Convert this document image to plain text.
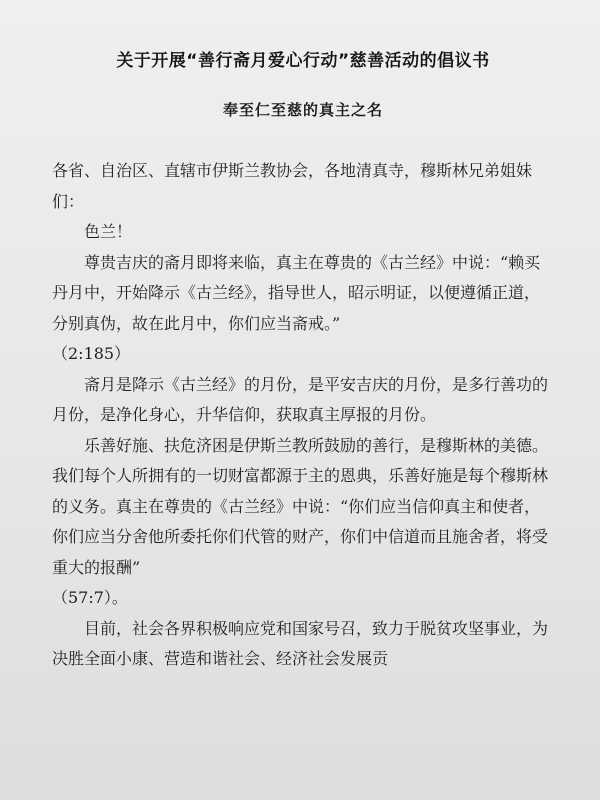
关于开展“善行斋月爱心行动”慈善活动的倡议书
奉至仁至慈的真主之名

各省、自治区、直辖市伊斯兰教协会，各地清真寺，穆斯林兄弟姐妹们：

色兰！

尊贵吉庆的斋月即将来临，真主在尊贵的《古兰经》中说：“赖买丹月中，开始降示《古兰经》，指导世人，昭示明证，以便遵循正道，分别真伪，故在此月中，你们应当斋戒。”

（2:185）

斋月是降示《古兰经》的月份，是平安吉庆的月份，是多行善功的月份，是净化身心，升华信仰，获取真主厚报的月份。

乐善好施、扶危济困是伊斯兰教所鼓励的善行，是穆斯林的美德。我们每个人所拥有的一切财富都源于主的恩典，乐善好施是每个穆斯林的义务。真主在尊贵的《古兰经》中说：“你们应当信仰真主和使者，你们应当分舍他所委托你们代管的财产，你们中信道而且施舍者，将受重大的报酬”

（57:7）。

目前，社会各界积极响应党和国家号召，致力于脱贫攻坚事业，为决胜全面小康、营造和谐社会、经济社会发展贡
